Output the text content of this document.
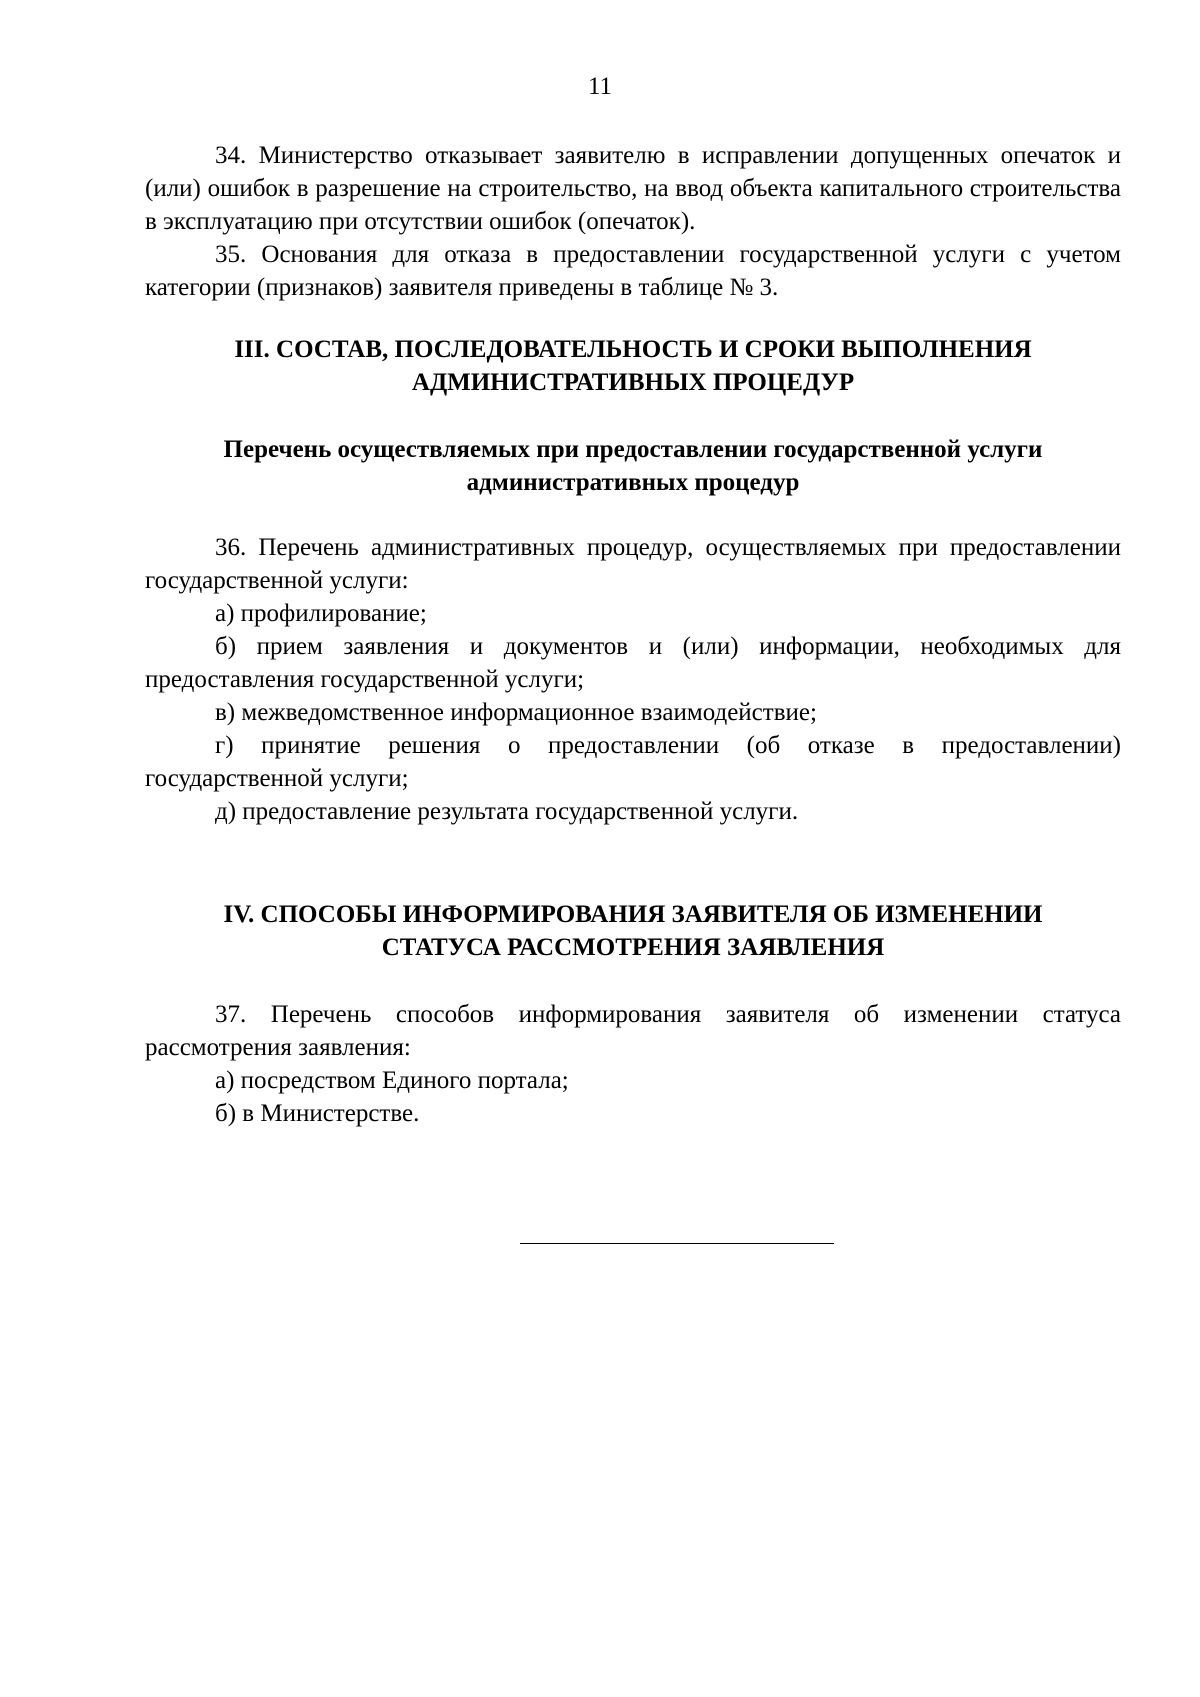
11

34. Министерство отказывает заявителю в исправлении допущенных опечаток и (или) ошибок в разрешение на строительство, на ввод объекта капитального строительства в эксплуатацию при отсутствии ошибок (опечаток).

35. Основания для отказа в предоставлении государственной услуги с учетом категории (признаков) заявителя приведены в таблице № 3.

III. СОСТАВ, ПОСЛЕДОВАТЕЛЬНОСТЬ И СРОКИ ВЫПОЛНЕНИЯ
АДМИНИСТРАТИВНЫХ ПРОЦЕДУР
Перечень осуществляемых при предоставлении государственной услуги
административных процедур

36. Перечень административных процедур, осуществляемых при предоставлении государственной услуги:

а) профилирование;

б) прием заявления и документов и (или) информации, необходимых для предоставления государственной услуги;

в) межведомственное информационное взаимодействие;

г) принятие решения о предоставлении (об отказе в предоставлении) государственной услуги;

д) предоставление результата государственной услуги.

IV. СПОСОБЫ ИНФОРМИРОВАНИЯ ЗАЯВИТЕЛЯ ОБ ИЗМЕНЕНИИ
СТАТУСА РАССМОТРЕНИЯ ЗАЯВЛЕНИЯ

37. Перечень способов информирования заявителя об изменении статуса рассмотрения заявления:

а) посредством Единого портала;

б) в Министерстве.
